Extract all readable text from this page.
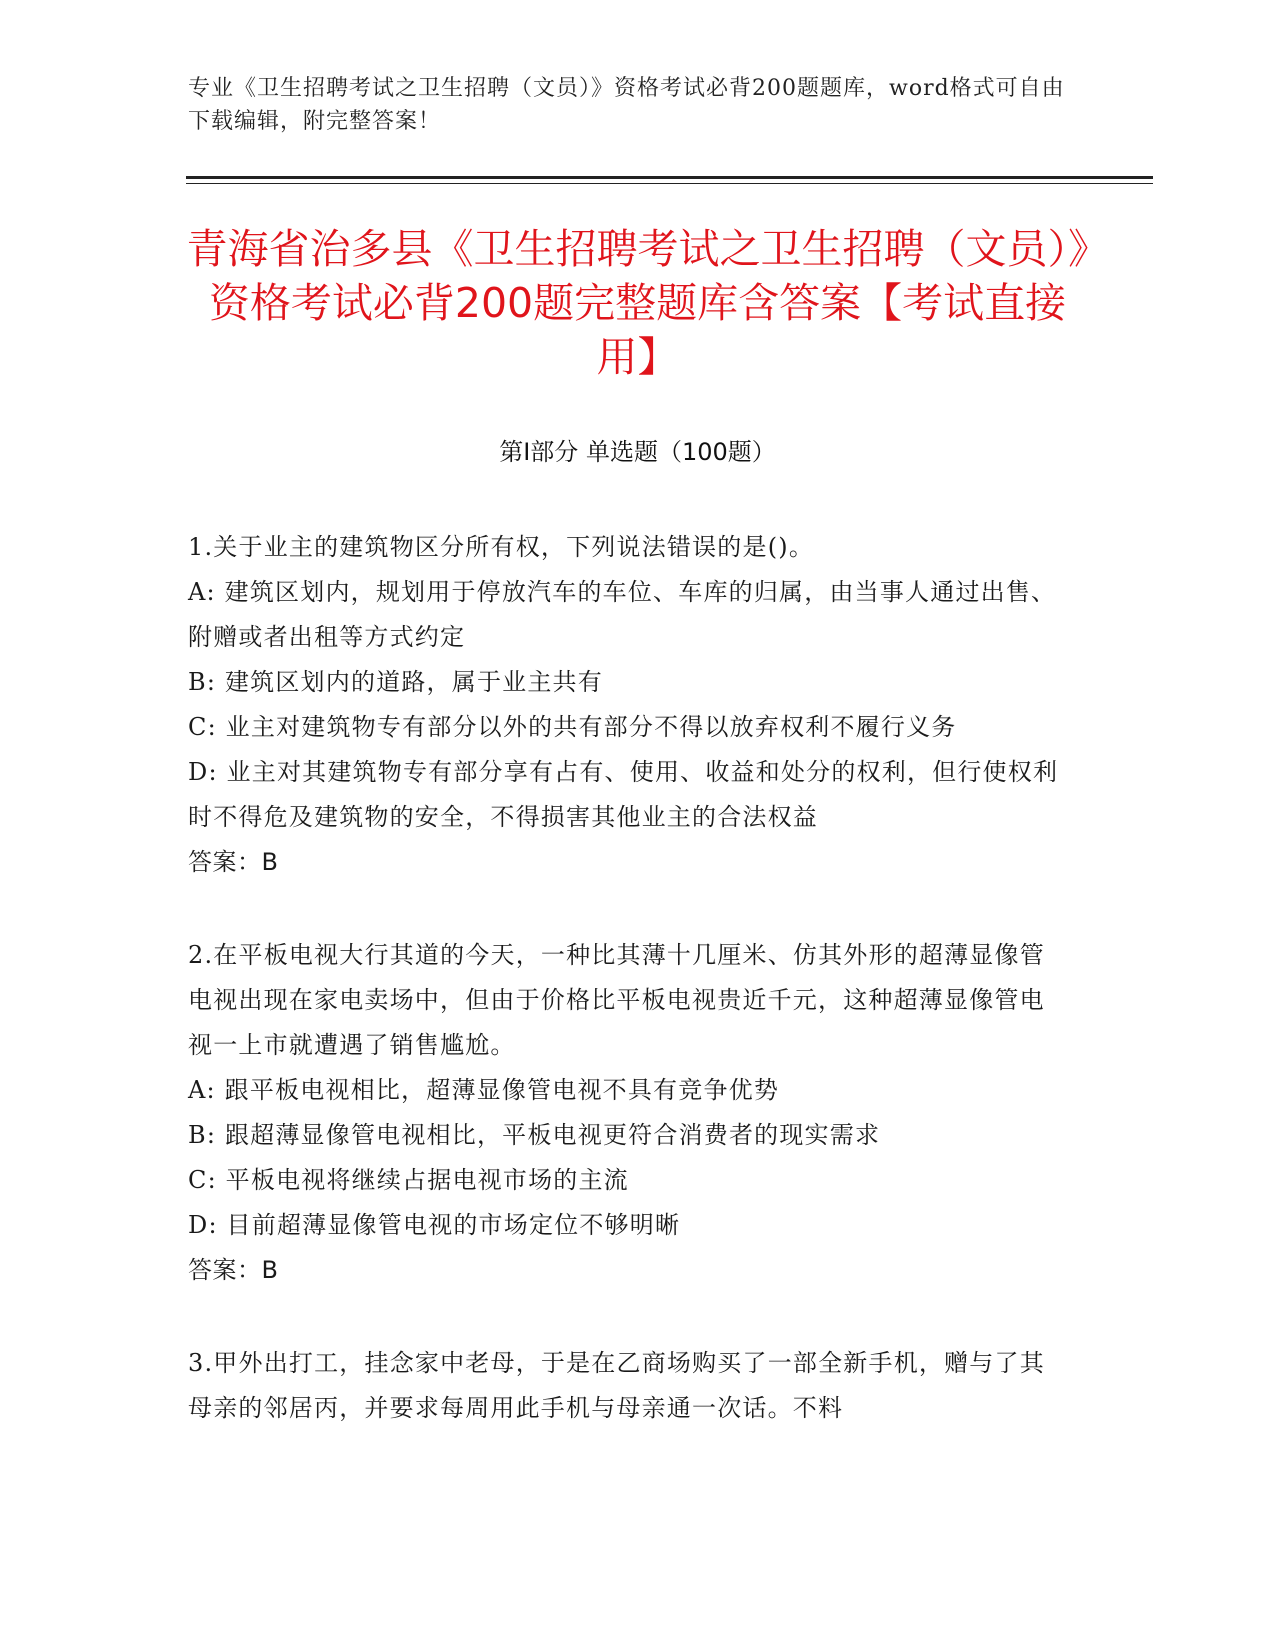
专业《卫生招聘考试之卫生招聘（文员）》资格考试必背200题题库，word格式可自由下载编辑，附完整答案！
青海省治多县《卫生招聘考试之卫生招聘（文员）》资格考试必背200题完整题库含答案【考试直接用】
第Ⅰ部分 单选题（100题）
1.关于业主的建筑物区分所有权，下列说法错误的是()。
A: 建筑区划内，规划用于停放汽车的车位、车库的归属，由当事人通过出售、附赠或者出租等方式约定
B: 建筑区划内的道路，属于业主共有
C: 业主对建筑物专有部分以外的共有部分不得以放弃权利不履行义务
D: 业主对其建筑物专有部分享有占有、使用、收益和处分的权利，但行使权利时不得危及建筑物的安全，不得损害其他业主的合法权益
答案：B
2.在平板电视大行其道的今天，一种比其薄十几厘米、仿其外形的超薄显像管电视出现在家电卖场中，但由于价格比平板电视贵近千元，这种超薄显像管电视一上市就遭遇了销售尴尬。
A: 跟平板电视相比，超薄显像管电视不具有竞争优势
B: 跟超薄显像管电视相比，平板电视更符合消费者的现实需求
C: 平板电视将继续占据电视市场的主流
D: 目前超薄显像管电视的市场定位不够明晰
答案：B
3.甲外出打工，挂念家中老母，于是在乙商场购买了一部全新手机，赠与了其母亲的邻居丙，并要求每周用此手机与母亲通一次话。不料
